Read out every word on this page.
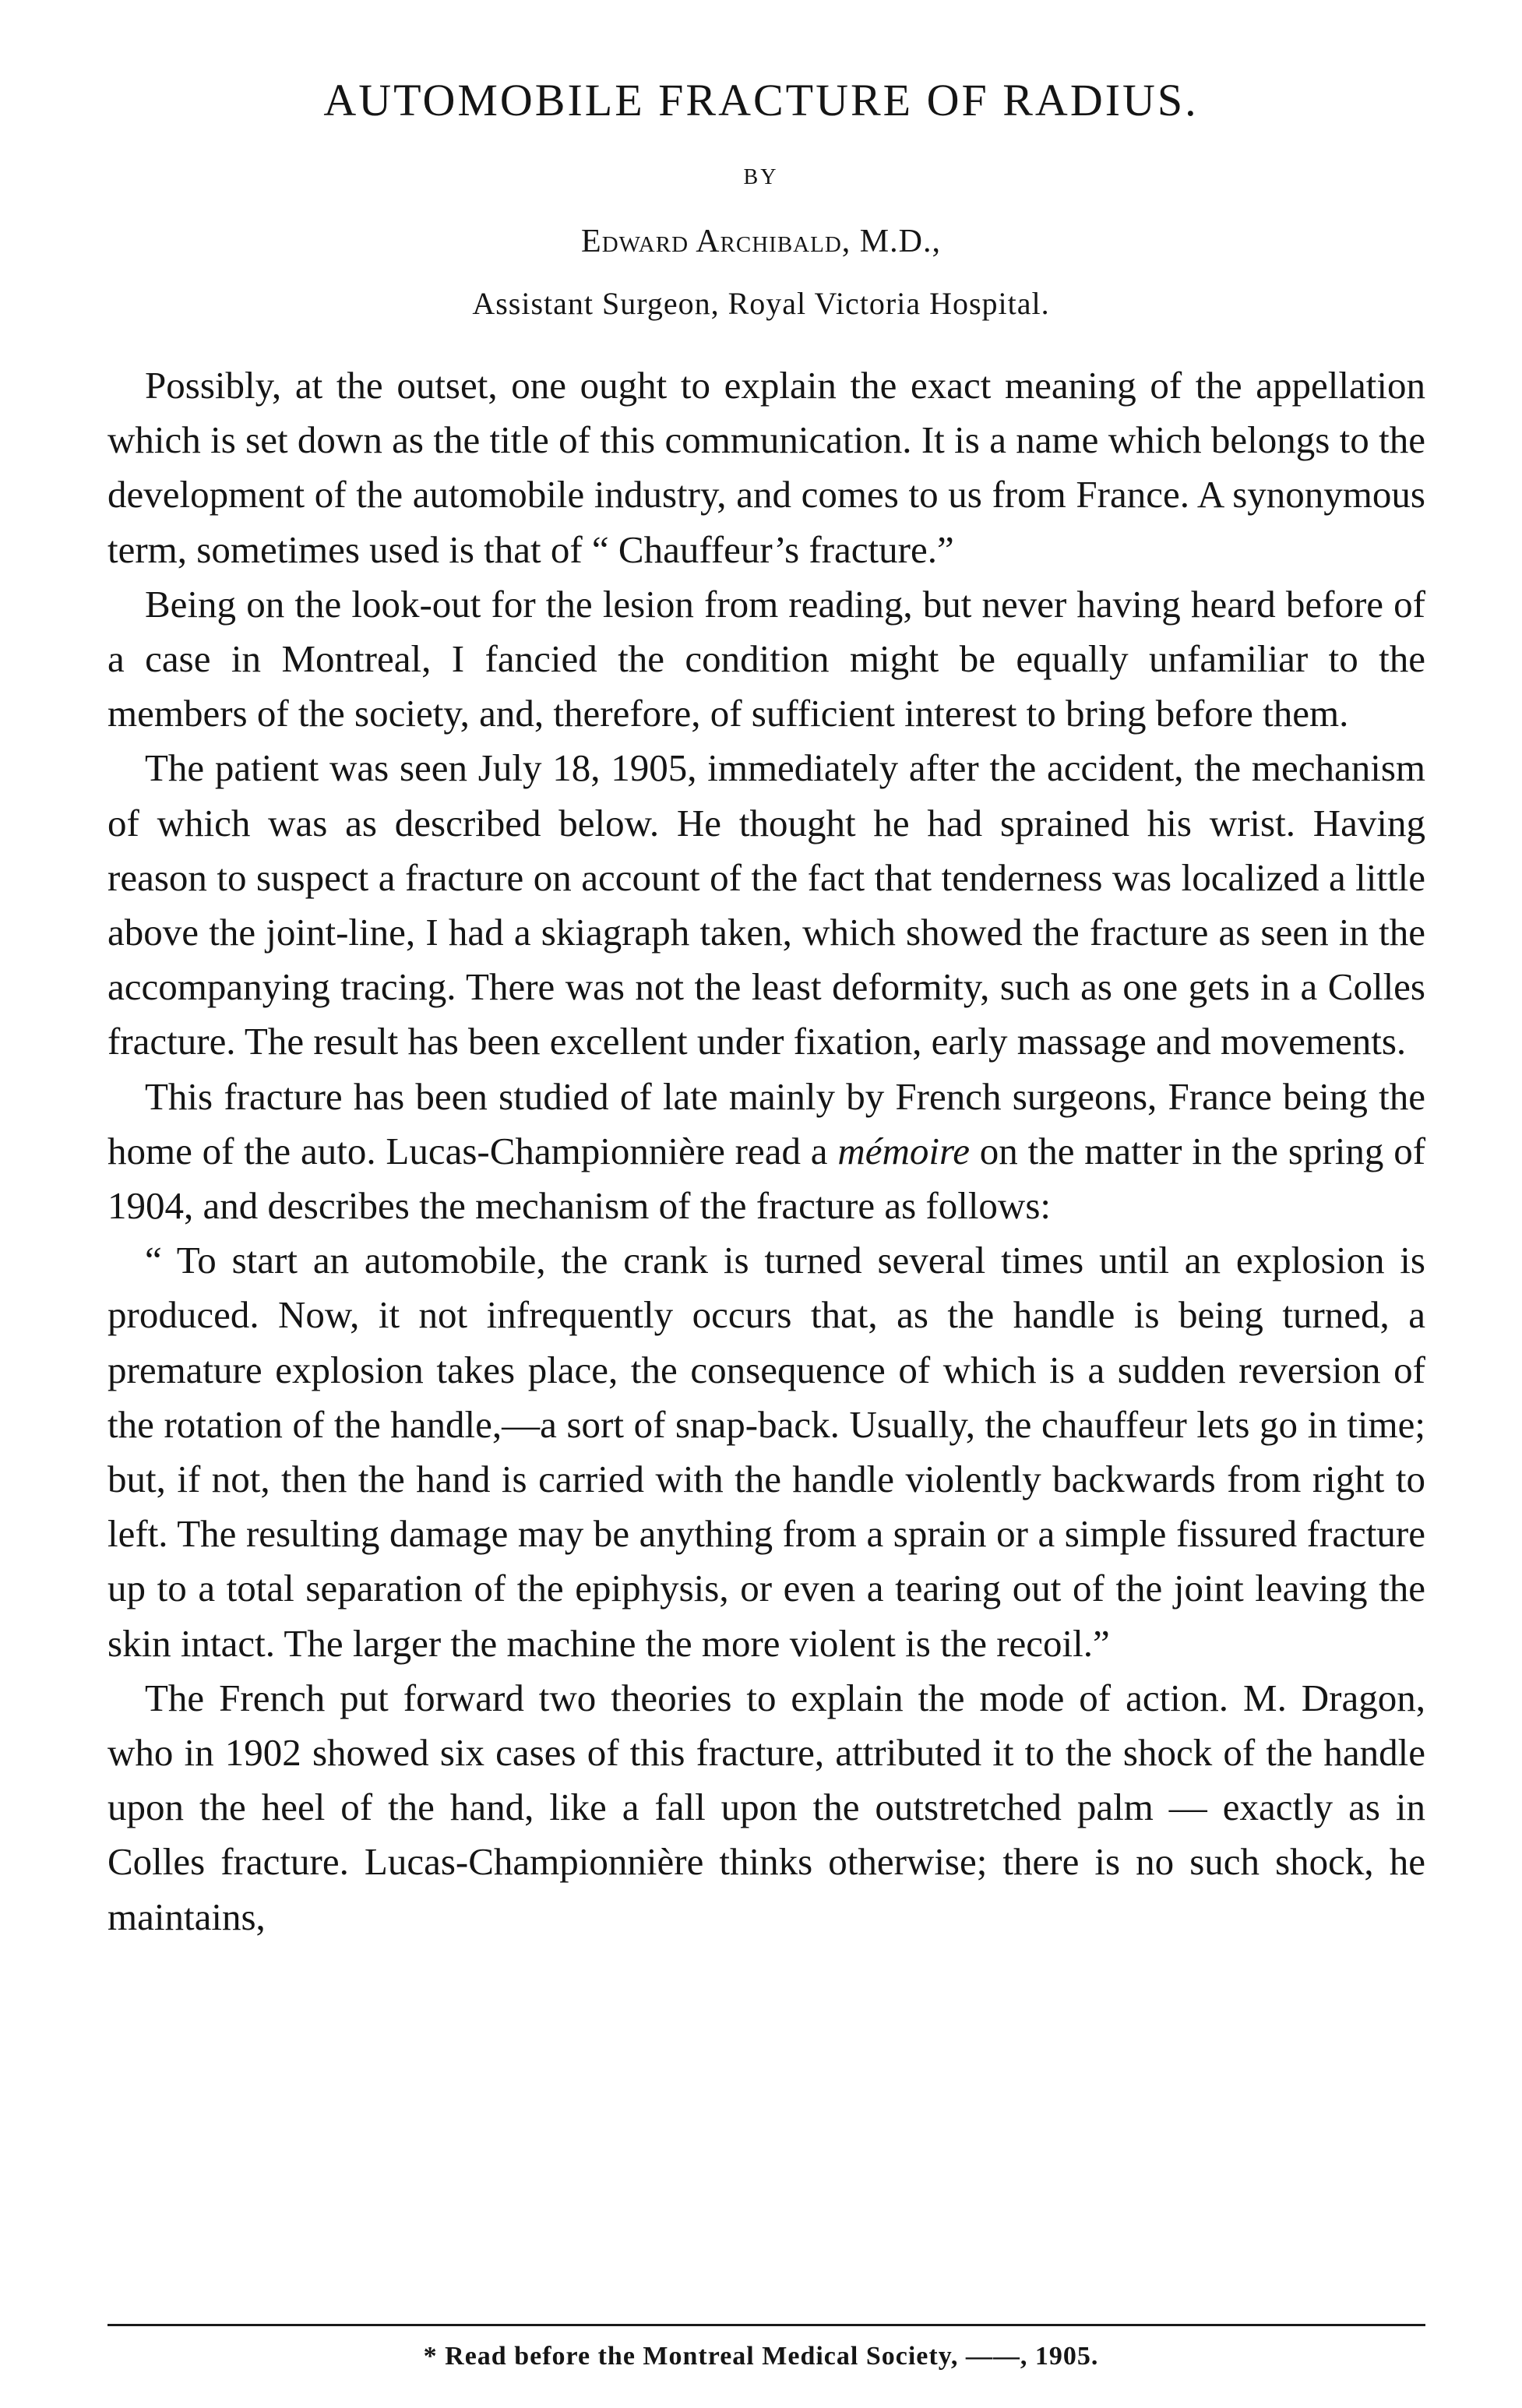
AUTOMOBILE FRACTURE OF RADIUS.
BY
Edward Archibald, M.D.,
Assistant Surgeon, Royal Victoria Hospital.

Possibly, at the outset, one ought to explain the exact meaning of the appellation which is set down as the title of this communication. It is a name which belongs to the development of the automobile industry, and comes to us from France. A synonymous term, sometimes used is that of “ Chauffeur’s fracture.”

Being on the look-out for the lesion from reading, but never having heard before of a case in Montreal, I fancied the condition might be equally unfamiliar to the members of the society, and, therefore, of sufficient interest to bring before them.

The patient was seen July 18, 1905, immediately after the accident, the mechanism of which was as described below. He thought he had sprained his wrist. Having reason to suspect a fracture on account of the fact that tenderness was localized a little above the joint-line, I had a skiagraph taken, which showed the fracture as seen in the accompanying tracing. There was not the least deformity, such as one gets in a Colles fracture. The result has been excellent under fixation, early massage and movements.

This fracture has been studied of late mainly by French surgeons, France being the home of the auto. Lucas-Championnière read a mémoire on the matter in the spring of 1904, and describes the mechanism of the fracture as follows:

“ To start an automobile, the crank is turned several times until an explosion is produced. Now, it not infrequently occurs that, as the handle is being turned, a premature explosion takes place, the consequence of which is a sudden reversion of the rotation of the handle,—a sort of snap-back. Usually, the chauffeur lets go in time; but, if not, then the hand is carried with the handle violently backwards from right to left. The resulting damage may be anything from a sprain or a simple fissured fracture up to a total separation of the epiphysis, or even a tearing out of the joint leaving the skin intact. The larger the machine the more violent is the recoil.”

The French put forward two theories to explain the mode of action. M. Dragon, who in 1902 showed six cases of this fracture, attributed it to the shock of the handle upon the heel of the hand, like a fall upon the outstretched palm — exactly as in Colles fracture. Lucas-Championnière thinks otherwise; there is no such shock, he maintains,

* Read before the Montreal Medical Society, ——, 1905.
